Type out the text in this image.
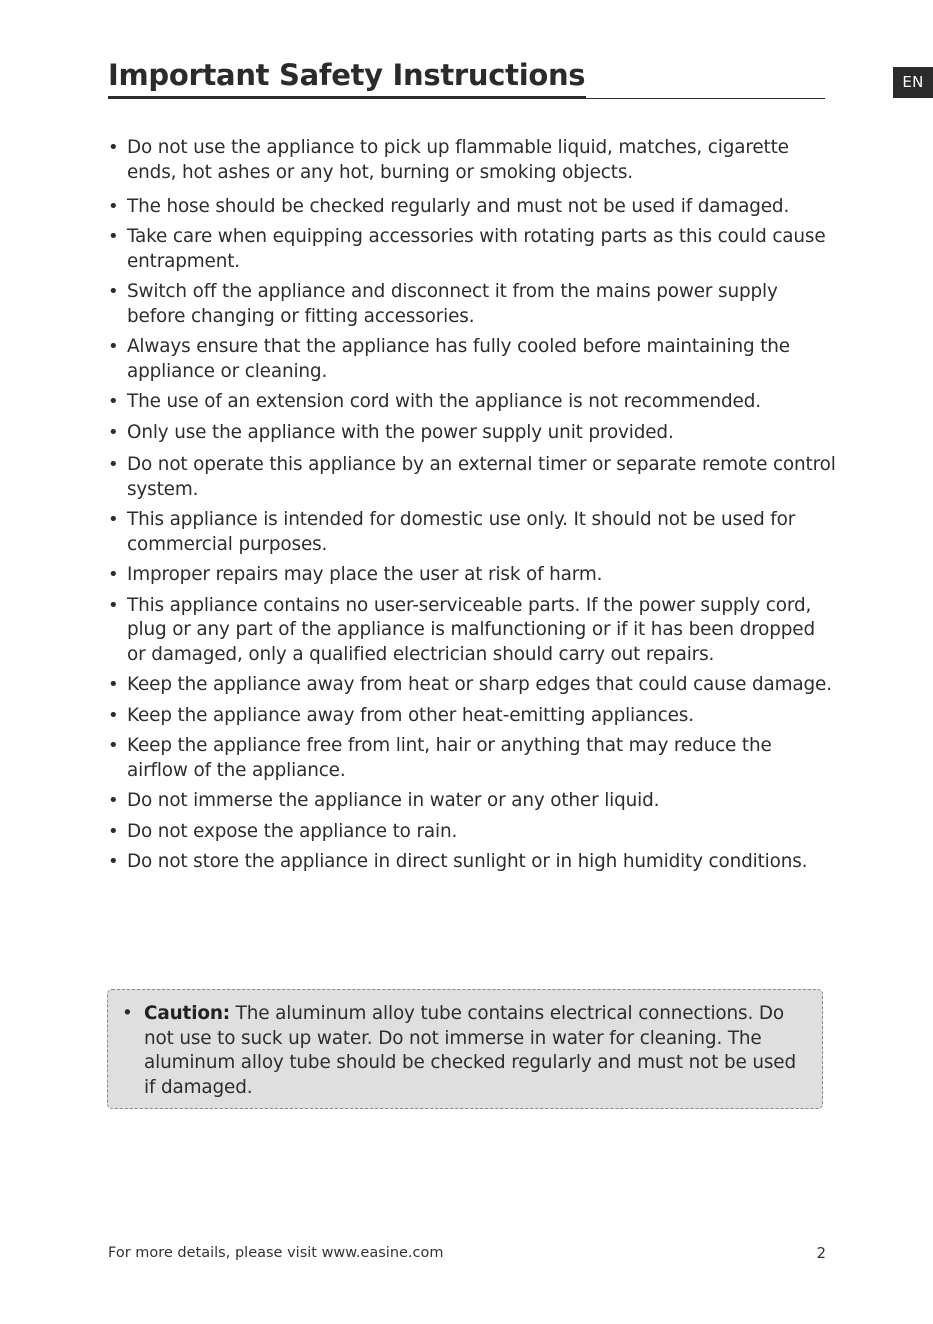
Important Safety Instructions	EN
• Do not use the appliance to pick up flammable liquid, matches, cigarette ends, hot ashes or any hot, burning or smoking objects.
• The hose should be checked regularly and must not be used if damaged.
• Take care when equipping accessories with rotating parts as this could cause entrapment.
• Switch off the appliance and disconnect it from the mains power supply before changing or fitting accessories.
• Always ensure that the appliance has fully cooled before maintaining the appliance or cleaning.
• The use of an extension cord with the appliance is not recommended.
• Only use the appliance with the power supply unit provided.
• Do not operate this appliance by an external timer or separate remote control system.
• This appliance is intended for domestic use only. It should not be used for commercial purposes.
• Improper repairs may place the user at risk of harm.
• This appliance contains no user-serviceable parts. If the power supply cord, plug or any part of the appliance is malfunctioning or if it has been dropped or damaged, only a qualified electrician should carry out repairs.
• Keep the appliance away from heat or sharp edges that could cause damage.
• Keep the appliance away from other heat-emitting appliances.
• Keep the appliance free from lint, hair or anything that may reduce the airflow of the appliance.
• Do not immerse the appliance in water or any other liquid.
• Do not expose the appliance to rain.
• Do not store the appliance in direct sunlight or in high humidity conditions.

• Caution: The aluminum alloy tube contains electrical connections. Do not use to suck up water. Do not immerse in water for cleaning. The aluminum alloy tube should be checked regularly and must not be used if damaged.

For more details, please visit www.easine.com	2
